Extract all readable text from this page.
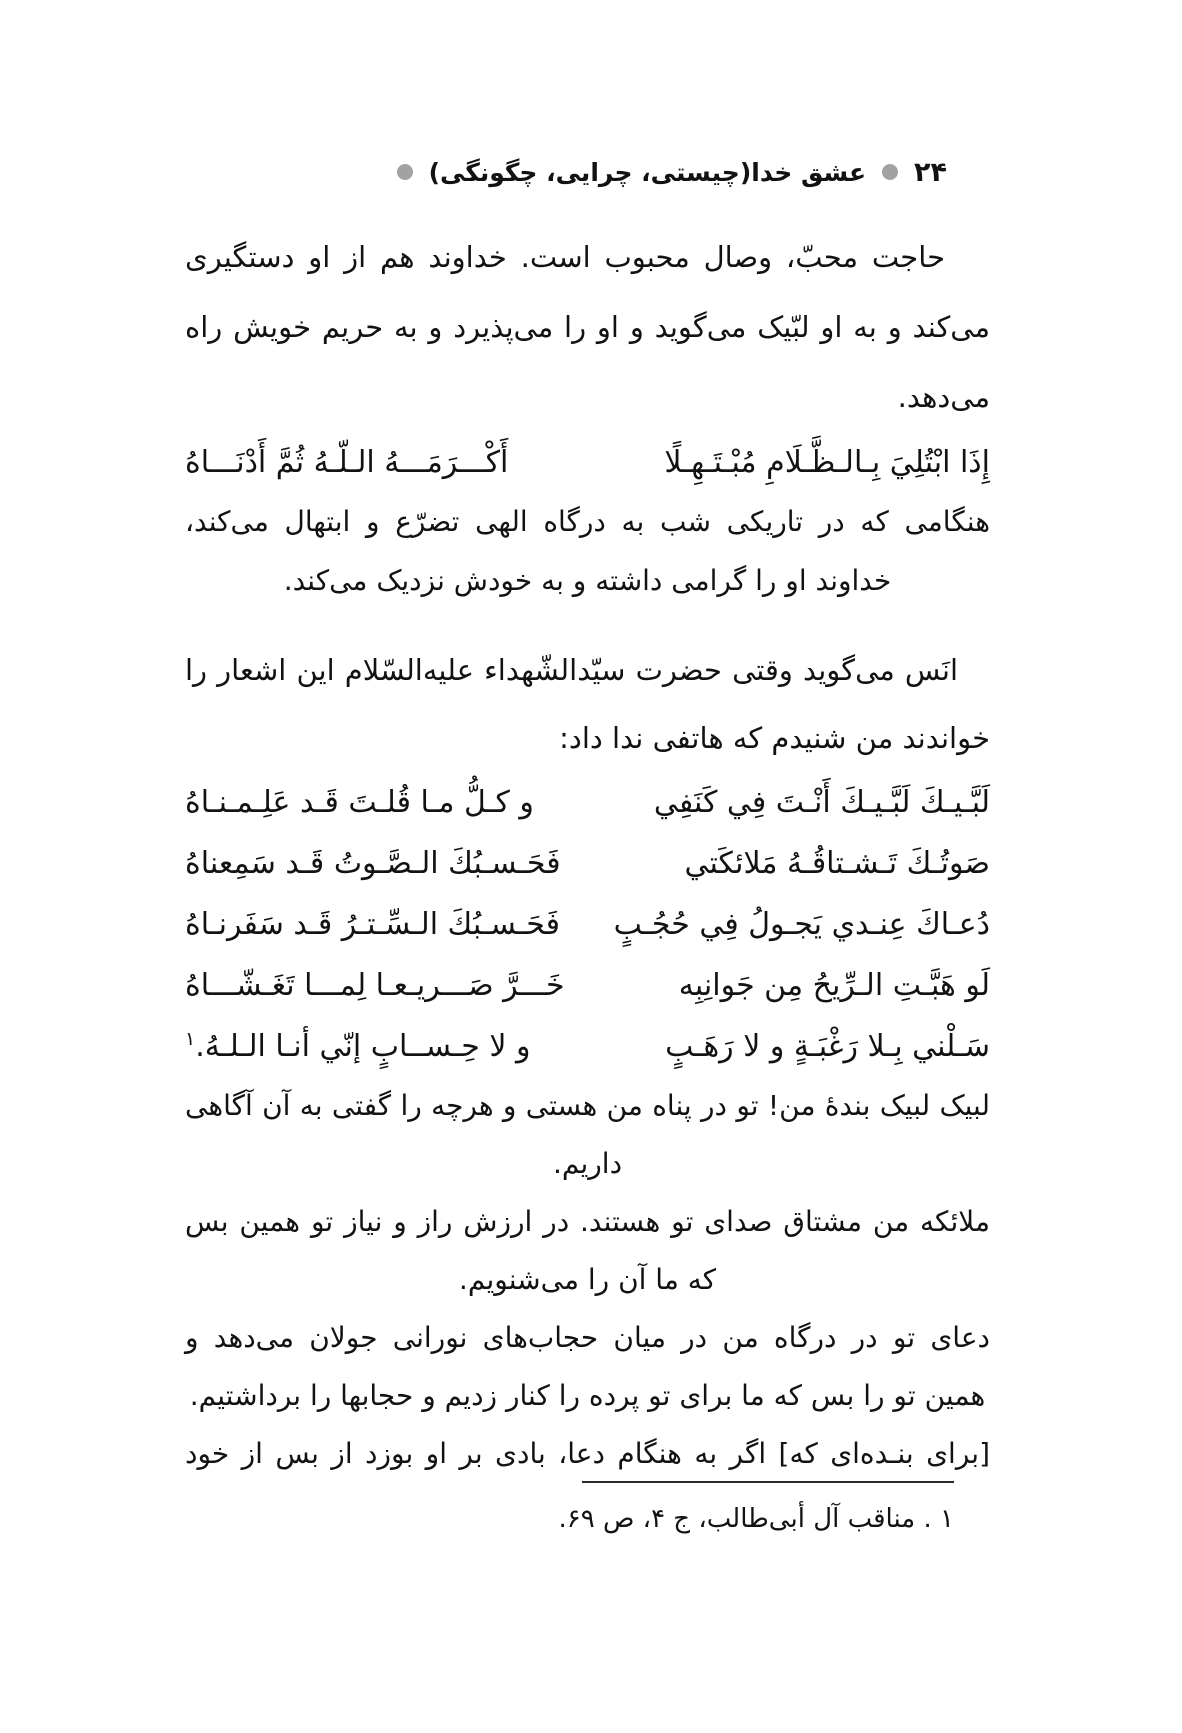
۲۴
عشق خدا(چیستی، چرایی، چگونگی)

حاجت محبّ، وصال محبوب است. خداوند هم از او دستگیری می‌کند و به او لبّیک می‌گوید و او را می‌پذیرد و به حریم خویش راه می‌دهد.

إِذَا ابْتُلِيَ بِـالـظَّـلَامِ مُبْـتَـهِـلًا
أَكْـــرَمَـــهُ الـلّـهُ ثُمَّ أَدْنَـــاهُ

هنگامی که در تاریکی شب به درگاه الهی تضرّع و ابتهال می‌کند، خداوند او را گرامی داشته و به خودش نزدیک می‌کند.

انَس می‌گوید وقتی حضرت سیّدالشّهداء علیه‌السّلام این اشعار را خواندند من شنیدم که هاتفی ندا داد:

لَبَّـيـكَ لَبَّـيـكَ أَنْـتَ فِي كَنَفِي
و كـلُّ مـا قُلـتَ قَـد عَلِـمـنـاهُ
صَوتُـكَ تَـشـتاقُـهُ مَلائكَتي
فَحَـسـبُكَ الـصَّـوتُ قَـد سَمِعناهُ
دُعـاكَ عِنـدي يَجـولُ فِي حُجُـبٍ
فَحَـسـبُكَ الـسِّـتـرُ قَـد سَفَرنـاهُ
لَو هَبَّـتِ الـرِّيحُ مِن جَوانِبِه
خَـــرَّ صَـــريـعـا لِمـــا تَغَـشّـــاهُ
سَـلْني بِـلا رَغْبَـةٍ و لا رَهَـبٍ
و لا حِـســابٍ إنّي أنـا الـلـهُ.$^۱$

لبیک لبیک بندهٔ من! تو در پناه من هستی و هرچه را گفتی به آن آگاهی داریم.

ملائکه من مشتاق صدای تو هستند. در ارزش راز و نیاز تو همین بس که ما آن را می‌شنویم.

دعای تو در درگاه من در میان حجاب‌های نورانی جولان می‌دهد و همین تو را بس که ما برای تو پرده را کنار زدیم و حجابها را برداشتیم.

[برای بنـده‌ای که] اگر به هنگام دعا، بادی بر او بوزد از بس از خود

۱ . مناقب آل أبی‌طالب، ج ۴، ص ۶۹.
